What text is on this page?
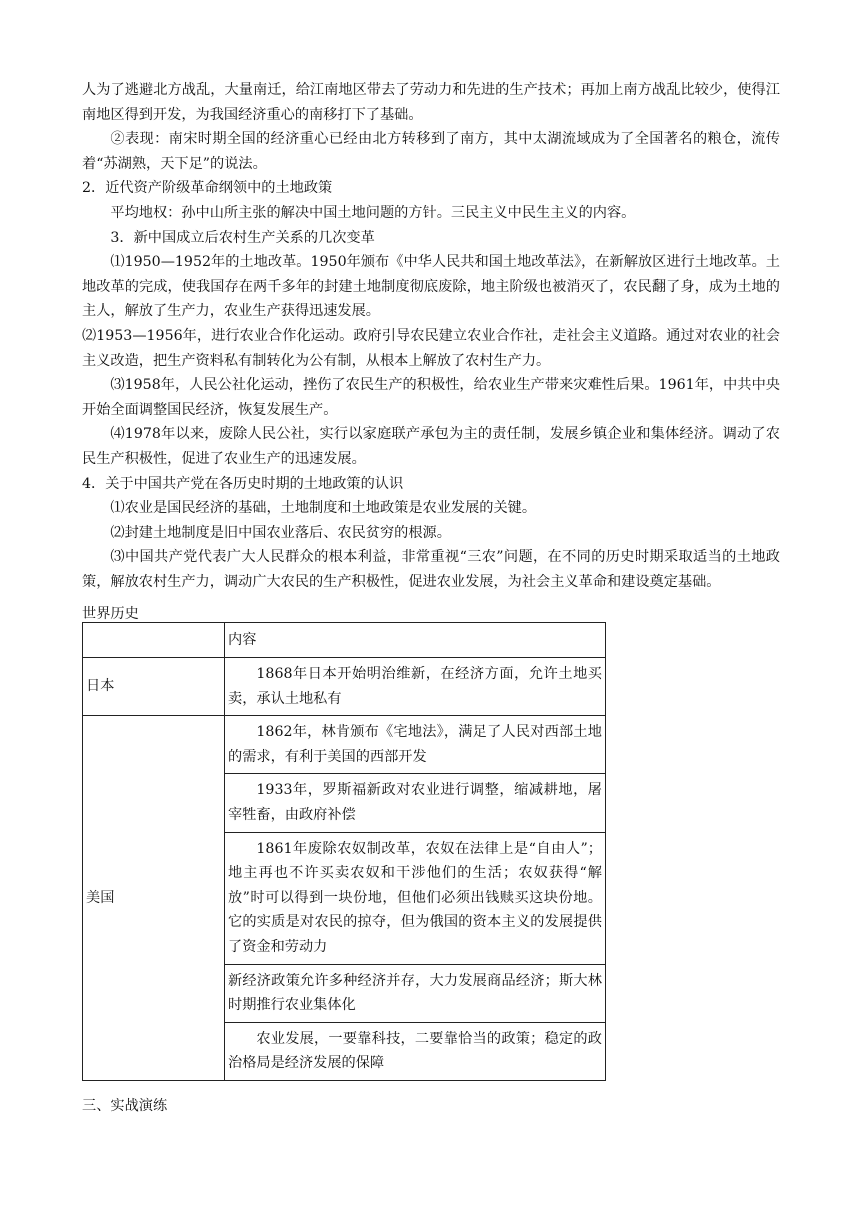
人为了逃避北方战乱，大量南迁，给江南地区带去了劳动力和先进的生产技术；再加上南方战乱比较少，使得江南地区得到开发，为我国经济重心的南移打下了基础。

②表现：南宋时期全国的经济重心已经由北方转移到了南方，其中太湖流域成为了全国著名的粮仓，流传着“苏湖熟，天下足”的说法。

2．近代资产阶级革命纲领中的土地政策

平均地权：孙中山所主张的解决中国土地问题的方针。三民主义中民生主义的内容。

3．新中国成立后农村生产关系的几次变革

⑴1950—1952年的土地改革。1950年颁布《中华人民共和国土地改革法》，在新解放区进行土地改革。土地改革的完成，使我国存在两千多年的封建土地制度彻底废除，地主阶级也被消灭了，农民翻了身，成为土地的主人，解放了生产力，农业生产获得迅速发展。

⑵1953—1956年，进行农业合作化运动。政府引导农民建立农业合作社，走社会主义道路。通过对农业的社会主义改造，把生产资料私有制转化为公有制，从根本上解放了农村生产力。

⑶1958年，人民公社化运动，挫伤了农民生产的积极性，给农业生产带来灾难性后果。1961年，中共中央开始全面调整国民经济，恢复发展生产。

⑷1978年以来，废除人民公社，实行以家庭联产承包为主的责任制，发展乡镇企业和集体经济。调动了农民生产积极性，促进了农业生产的迅速发展。

4．关于中国共产党在各历史时期的土地政策的认识

⑴农业是国民经济的基础，土地制度和土地政策是农业发展的关键。

⑵封建土地制度是旧中国农业落后、农民贫穷的根源。

⑶中国共产党代表广大人民群众的根本利益，非常重视“三农”问题，在不同的历史时期采取适当的土地政策，解放农村生产力，调动广大农民的生产积极性，促进农业发展，为社会主义革命和建设奠定基础。

世界历史
	内容
日本	1868年日本开始明治维新，在经济方面，允许土地买卖，承认土地私有
美国	1862年，林肯颁布《宅地法》，满足了人民对西部土地的需求，有利于美国的西部开发
	1933年，罗斯福新政对农业进行调整，缩减耕地，屠宰牲畜，由政府补偿
	1861年废除农奴制改革，农奴在法律上是“自由人”；地主再也不许买卖农奴和干涉他们的生活；农奴获得“解放”时可以得到一块份地，但他们必须出钱赎买这块份地。它的实质是对农民的掠夺，但为俄国的资本主义的发展提供了资金和劳动力
	新经济政策允许多种经济并存，大力发展商品经济；斯大林时期推行农业集体化
	农业发展，一要靠科技，二要靠恰当的政策；稳定的政治格局是经济发展的保障
三、实战演练
